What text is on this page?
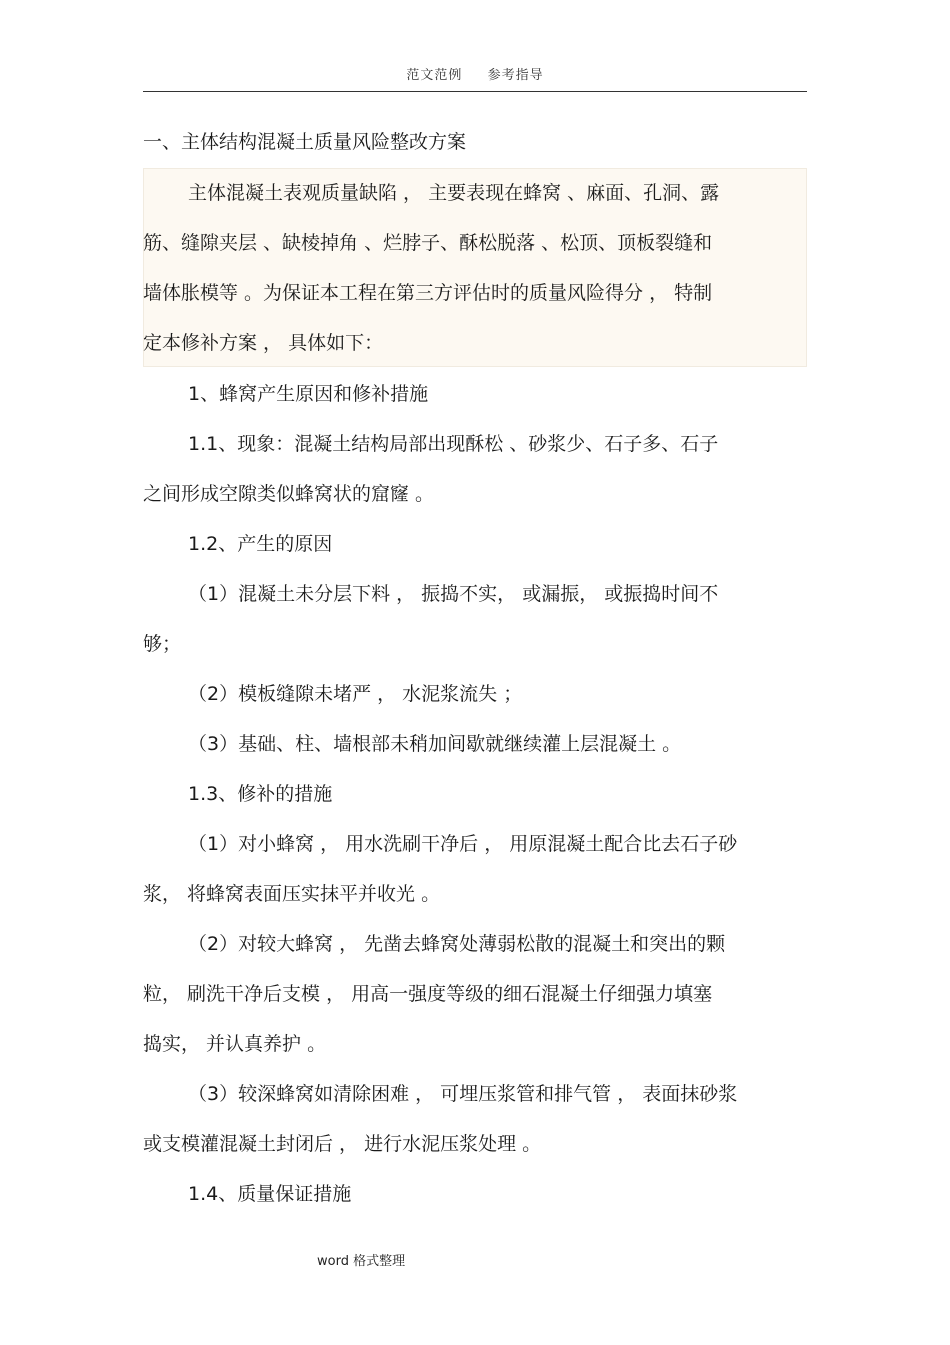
范文范例 参考指导
一、主体结构混凝土质量风险整改方案
主体混凝土表观质量缺陷 ， 主要表现在蜂窝 、麻面、孔洞、露
筋、缝隙夹层 、缺棱掉角 、烂脖子、酥松脱落 、松顶、顶板裂缝和
墙体胀模等 。为保证本工程在第三方评估时的质量风险得分 ， 特制
定本修补方案 ， 具体如下：
1、蜂窝产生原因和修补措施
1.1、现象：混凝土结构局部出现酥松 、砂浆少、石子多、石子
之间形成空隙类似蜂窝状的窟窿 。
1.2、产生的原因
（1）混凝土未分层下料 ， 振捣不实， 或漏振， 或振捣时间不
够；
（2）模板缝隙未堵严 ， 水泥浆流失 ；
（3）基础、柱、墙根部未稍加间歇就继续灌上层混凝土 。
1.3、修补的措施
（1）对小蜂窝 ， 用水洗刷干净后 ， 用原混凝土配合比去石子砂
浆， 将蜂窝表面压实抹平并收光 。
（2）对较大蜂窝 ， 先凿去蜂窝处薄弱松散的混凝土和突出的颗
粒， 刷洗干净后支模 ， 用高一强度等级的细石混凝土仔细强力填塞
捣实， 并认真养护 。
（3）较深蜂窝如清除困难 ， 可埋压浆管和排气管 ， 表面抹砂浆
或支模灌混凝土封闭后 ， 进行水泥压浆处理 。
1.4、质量保证措施
word 格式整理
